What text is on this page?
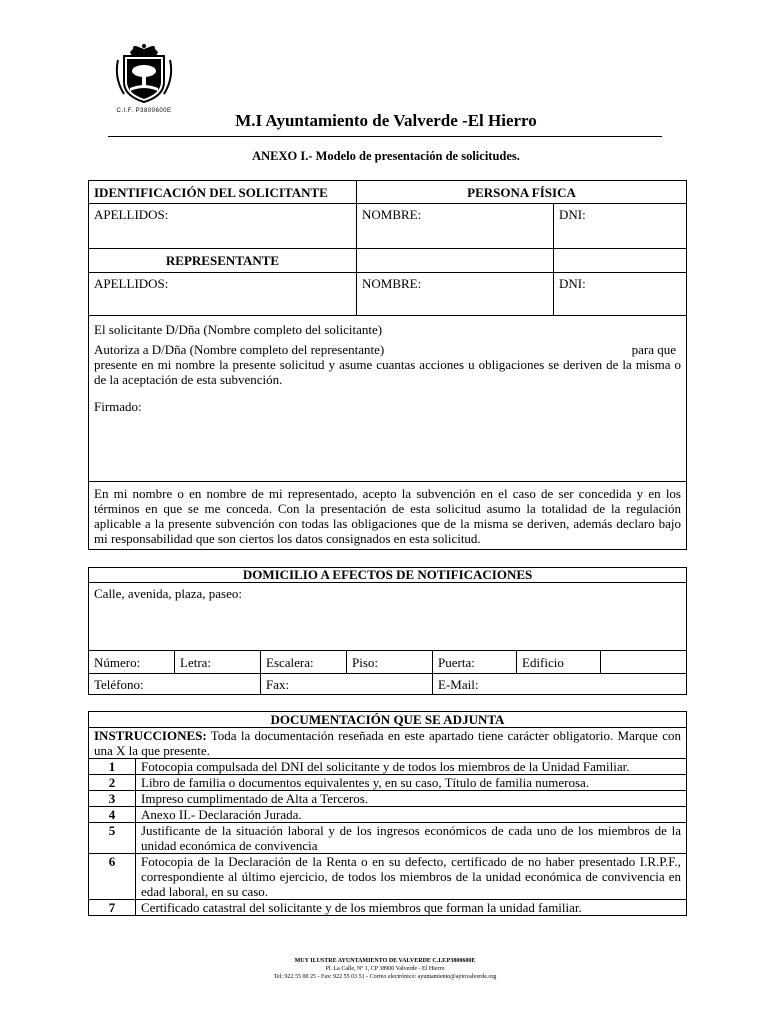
C.I.F. P3800600E	M.I Ayuntamiento de Valverde -El Hierro
ANEXO I.- Modelo de presentación de solicitudes.
IDENTIFICACIÓN DEL SOLICITANTE	PERSONA FÍSICA	
APELLIDOS:	NOMBRE:	DNI:
REPRESENTANTE		
APELLIDOS:	NOMBRE:	DNI:

El solicitante D/Dña (Nombre completo del solicitante)

Autoriza a D/Dña (Nombre completo del representante) para que

presente en mi nombre la presente solicitud y asume cuantas acciones u obligaciones se deriven de la misma o de la aceptación de esta subvención.

Firmado:		

En mi nombre o en nombre de mi representado, acepto la subvención en el caso de ser concedida y en los términos en que se me conceda. Con la presentación de esta solicitud asumo la totalidad de la regulación aplicable a la presente subvención con todas las obligaciones que de la misma se deriven, además declaro bajo mi responsabilidad que son ciertos los datos consignados en esta solicitud.		
DOMICILIO A EFECTOS DE NOTIFICACIONES						
Calle, avenida, plaza, paseo:						
Número:	Letra:	Escalera:	Piso:	Puerta:	Edificio	
Teléfono:		Fax:		E-Mail:		
DOCUMENTACIÓN QUE SE ADJUNTA	
INSTRUCCIONES: Toda la documentación reseñada en este apartado tiene carácter obligatorio. Marque con una X la que presente.	
1	Fotocopia compulsada del DNI del solicitante y de todos los miembros de la Unidad Familiar.
2	Libro de familia o documentos equivalentes y, en su caso, Título de familia numerosa.
3	Impreso cumplimentado de Alta a Terceros.
4	Anexo II.- Declaración Jurada.
5	Justificante de la situación laboral y de los ingresos económicos de cada uno de los miembros de la unidad económica de convivencia
6	Fotocopia de la Declaración de la Renta o en su defecto, certificado de no haber presentado I.R.P.F., correspondiente al último ejercicio, de todos los miembros de la unidad económica de convivencia en edad laboral, en su caso.
7	Certificado catastral del solicitante y de los miembros que forman la unidad familiar.
MUY ILUSTRE AYUNTAMIENTO DE VALVERDE C.I.F.P3800600E
Pl. La Calle, Nº 1, CP 38900 Valverde - El Hierro
Tel: 922 55 00 25 - Fax: 922 55 03 51 - Correo electrónico: ayuntamiento@aytovalverde.org
